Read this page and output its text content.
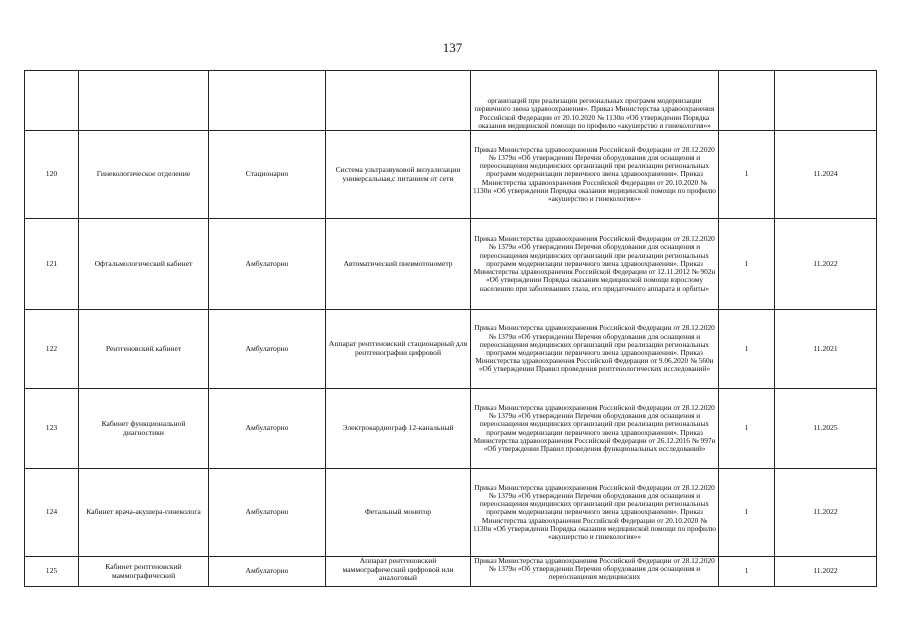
137
				организаций при реализации региональных программ модернизации первичного звена здравоохранения». Приказ Министерства здравоохранения Российской Федерации от 20.10.2020 № 1130н «Об утверждении Порядка оказания медицинской помощи по профилю «акушерство и гинекология»»		
120	Гинекологическое отделение	Стационарно	Система ультразвуковой визуализации универсальная,с питанием от сети	Приказ Министерства здравоохранения Российской Федерации от 28.12.2020 № 1379н «Об утверждении Перечня оборудования для оснащения и переоснащения медицинских организаций при реализации региональных программ модернизации первичного звена здравоохранения». Приказ Министерства здравоохранения Российской Федерации от 20.10.2020 № 1130н «Об утверждении Порядка оказания медицинской помощи по профилю «акушерство и гинекология»»	1	11.2024
121	Офтальмологический кабинет	Амбулаторно	Автоматический пневмотонометр	Приказ Министерства здравоохранения Российской Федерации от 28.12.2020 № 1379н «Об утверждении Перечня оборудования для оснащения и переоснащения медицинских организаций при реализации региональных программ модернизации первичного звена здравоохранения». Приказ Министерства здравоохранения Российской Федерации от 12.11.2012 № 902н «Об утверждении Порядка оказания медицинской помощи взрослому населению при заболеваниях глаза, его придаточного аппарата и орбиты»	1	11.2022
122	Рентгеновский кабинет	Амбулаторно	Аппарат рентгеновский стационарный для рентгенографии цифровой	Приказ Министерства здравоохранения Российской Федерации от 28.12.2020 № 1379н «Об утверждении Перечня оборудования для оснащения и переоснащения медицинских организаций при реализации региональных программ модернизации первичного звена здравоохранения». Приказ Министерства здравоохранения Российской Федерации от 9.06.2020 № 560н «Об утверждении Правил проведения рентгенологических исследований»	1	11.2021
123	Кабинет функциональной диагностики	Амбулаторно	Электрокардиограф 12-канальный	Приказ Министерства здравоохранения Российской Федерации от 28.12.2020 № 1379н «Об утверждении Перечня оборудования для оснащения и переоснащения медицинских организаций при реализации региональных программ модернизации первичного звена здравоохранения». Приказ Министерства здравоохранения Российской Федерации от 26.12.2016 № 997н «Об утверждении Правил проведения функциональных исследований»	1	11.2025
124	Кабинет врача-акушера-гинеколога	Амбулаторно	Фетальный монитор	Приказ Министерства здравоохранения Российской Федерации от 28.12.2020 № 1379н «Об утверждении Перечня оборудования для оснащения и переоснащения медицинских организаций при реализации региональных программ модернизации первичного звена здравоохранения». Приказ Министерства здравоохранения Российской Федерации от 20.10.2020 № 1130н «Об утверждении Порядка оказания медицинской помощи по профилю «акушерство и гинекология»»	1	11.2022
125	Кабинет рентгеновский маммографический	Амбулаторно	Аппарат рентгеновский маммографический цифровой или аналоговый	Приказ Министерства здравоохранения Российской Федерации от 28.12.2020 № 1379н «Об утверждении Перечня оборудования для оснащения и переоснащения медицинских	1	11.2022
